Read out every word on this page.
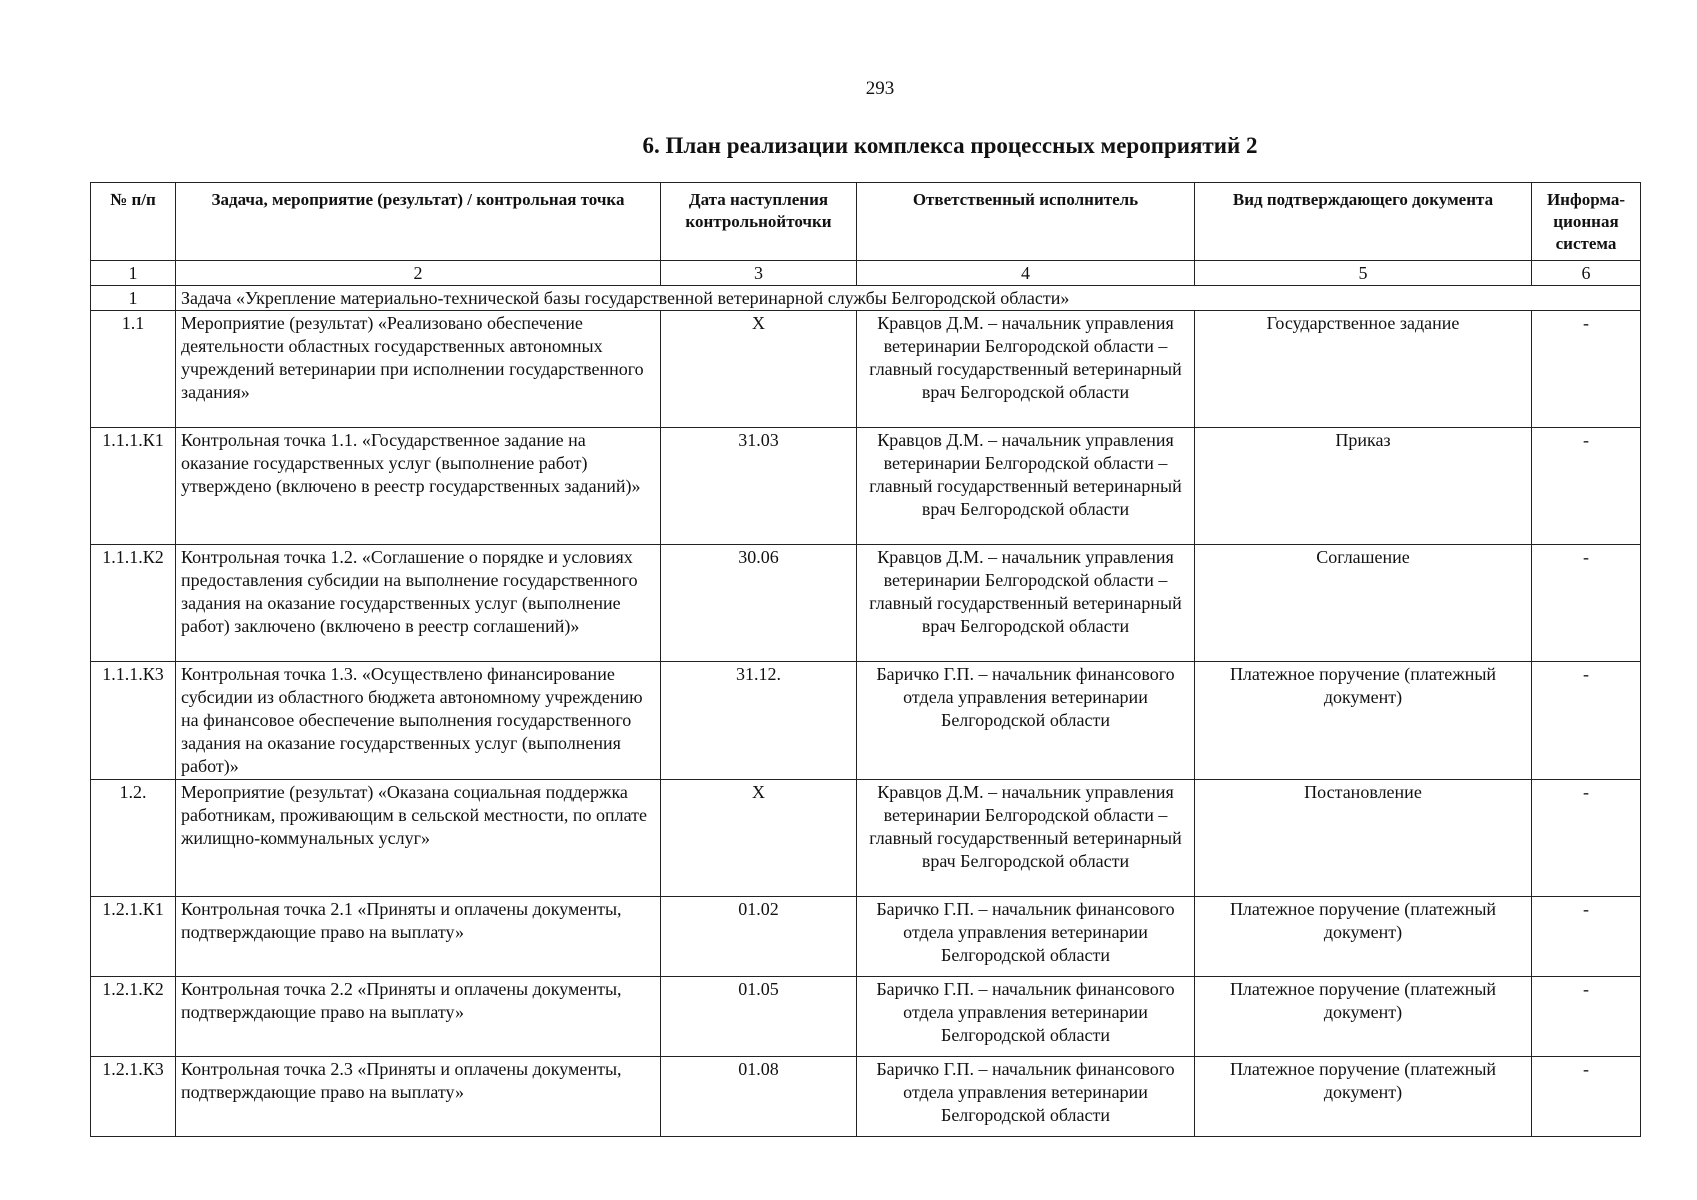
293
6. План реализации комплекса процессных мероприятий 2
№ п/п	Задача, мероприятие (результат) / контрольная точка	Дата наступления контрольнойточки	Ответственный исполнитель	Вид подтверждающего документа	Информа-ционная система
1	2	3	4	5	6
1	Задача «Укрепление материально-технической базы государственной ветеринарной службы Белгородской области»				
1.1	Мероприятие (результат) «Реализовано обеспечение деятельности областных государственных автономных учреждений ветеринарии при исполнении государственного задания»	Х	Кравцов Д.М. – начальник управления ветеринарии Белгородской области – главный государственный ветеринарный врач Белгородской области	Государственное задание	-
1.1.1.К1	Контрольная точка 1.1. «Государственное задание на оказание государственных услуг (выполнение работ) утверждено (включено в реестр государственных заданий)»	31.03	Кравцов Д.М. – начальник управления ветеринарии Белгородской области – главный государственный ветеринарный врач Белгородской области	Приказ	-
1.1.1.К2	Контрольная точка 1.2. «Соглашение о порядке и условиях предоставления субсидии на выполнение государственного задания на оказание государственных услуг (выполнение работ) заключено (включено в реестр соглашений)»	30.06	Кравцов Д.М. – начальник управления ветеринарии Белгородской области – главный государственный ветеринарный врач Белгородской области	Соглашение	-
1.1.1.К3	Контрольная точка 1.3. «Осуществлено финансирование субсидии из областного бюджета автономному учреждению на финансовое обеспечение выполнения государственного задания на оказание государственных услуг (выполнения работ)»	31.12.	Баричко Г.П. – начальник финансового отдела управления ветеринарии Белгородской области	Платежное поручение (платежный документ)	-
1.2.	Мероприятие (результат) «Оказана социальная поддержка работникам, проживающим в сельской местности, по оплате жилищно-коммунальных услуг»	Х	Кравцов Д.М. – начальник управления ветеринарии Белгородской области – главный государственный ветеринарный врач Белгородской области	Постановление	-
1.2.1.К1	Контрольная точка 2.1 «Приняты и оплачены документы, подтверждающие право на выплату»	01.02	Баричко Г.П. – начальник финансового отдела управления ветеринарии Белгородской области	Платежное поручение (платежный документ)	-
1.2.1.К2	Контрольная точка 2.2 «Приняты и оплачены документы, подтверждающие право на выплату»	01.05	Баричко Г.П. – начальник финансового отдела управления ветеринарии Белгородской области	Платежное поручение (платежный документ)	-
1.2.1.К3	Контрольная точка 2.3 «Приняты и оплачены документы, подтверждающие право на выплату»	01.08	Баричко Г.П. – начальник финансового отдела управления ветеринарии Белгородской области	Платежное поручение (платежный документ)	-
